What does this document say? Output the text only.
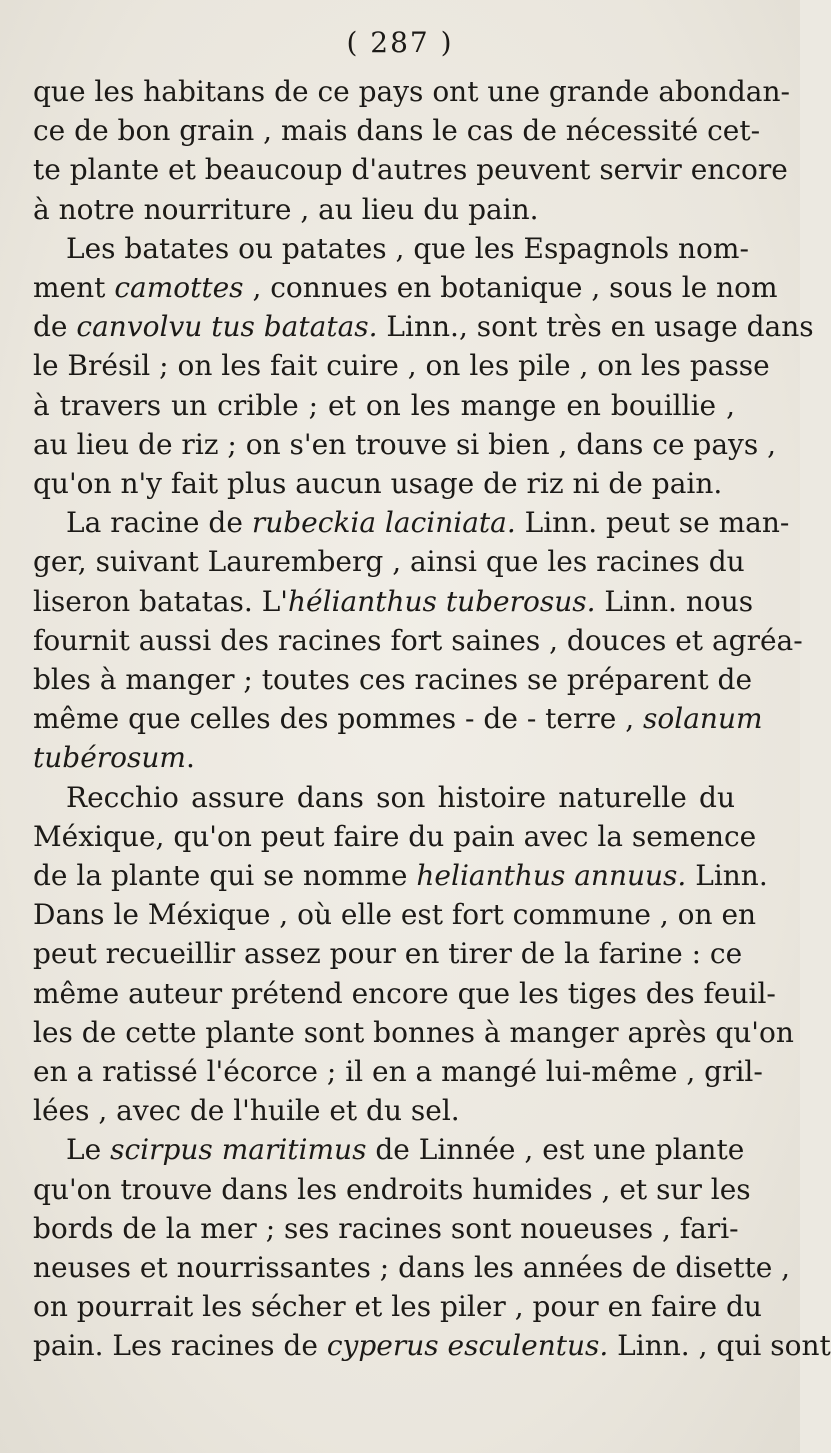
( 287 )
que les habitans de ce pays ont une grande abondan-
ce de bon grain , mais dans le cas de nécessité cet-
te plante et beaucoup d'autres peuvent servir encore
à notre nourriture , au lieu du pain.
Les batates ou patates , que les Espagnols nom-
ment camottes , connues en botanique , sous le nom
de canvolvu tus batatas. Linn., sont très en usage dans
le Brésil ; on les fait cuire , on les pile , on les passe
à travers un crible ; et on les mange en bouillie ,
au lieu de riz ; on s'en trouve si bien , dans ce pays ,
qu'on n'y fait plus aucun usage de riz ni de pain.
La racine de rubeckia laciniata. Linn. peut se man-
ger, suivant Lauremberg , ainsi que les racines du
liseron batatas. L'hélianthus tuberosus. Linn. nous
fournit aussi des racines fort saines , douces et agréa-
bles à manger ; toutes ces racines se préparent de
même que celles des pommes - de - terre , solanum
tubérosum.
Recchio assure dans son histoire naturelle du
Méxique, qu'on peut faire du pain avec la semence
de la plante qui se nomme helianthus annuus. Linn.
Dans le Méxique , où elle est fort commune , on en
peut recueillir assez pour en tirer de la farine : ce
même auteur prétend encore que les tiges des feuil-
les de cette plante sont bonnes à manger après qu'on
en a ratissé l'écorce ; il en a mangé lui-même , gril-
lées , avec de l'huile et du sel.
Le scirpus maritimus de Linnée , est une plante
qu'on trouve dans les endroits humides , et sur les
bords de la mer ; ses racines sont noueuses , fari-
neuses et nourrissantes ; dans les années de disette ,
on pourrait les sécher et les piler , pour en faire du
pain. Les racines de cyperus esculentus. Linn. , qui sont
